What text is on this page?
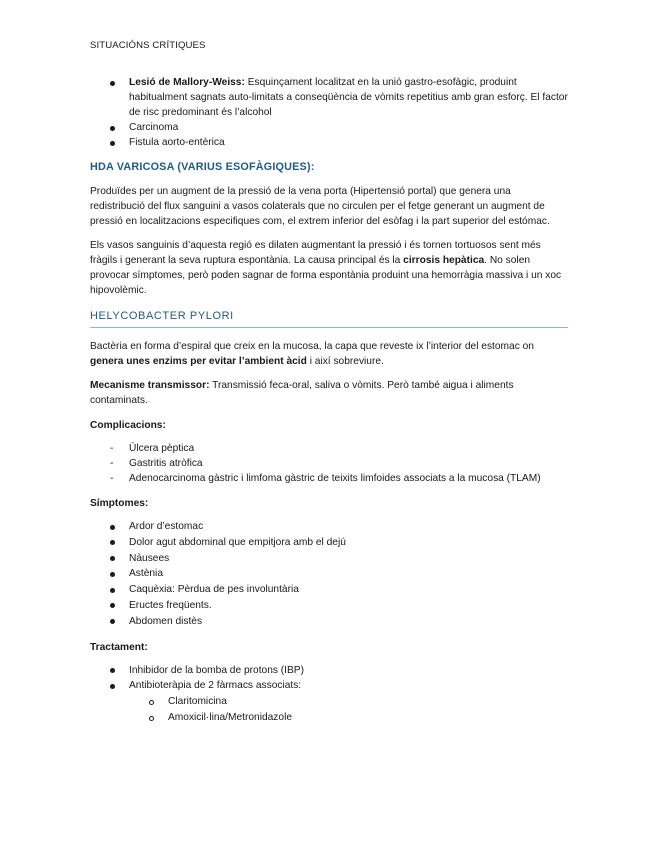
SITUACIÓNS CRÍTIQUES
Lesió de Mallory-Weiss: Esquinçament localitzat en la unió gastro-esofàgic, produint habitualment sagnats auto-limitats a conseqüència de vòmits repetitius amb gran esforç. El factor de risc predominant és l’alcohol
Carcinoma
Fistula aorto-entèrica
HDA VARICOSA (VARIUS ESOFÀGIQUES):

Produïdes per un augment de la pressió de la vena porta (Hipertensió portal) que genera una redistribució del flux sanguini a vasos colaterals que no circulen per el fetge generant un augment de pressió en localitzacions especifiques com, el extrem inferior del esòfag i la part superior del estómac.

Els vasos sanguinis d’aquesta regió es dilaten augmentant la pressió i és tornen tortuosos sent més fràgils i generant la seva ruptura espontània. La causa principal és la cirrosis hepàtica. No solen provocar símptomes, però poden sagnar de forma espontània produint una hemorràgia massiva i un xoc hipovolèmic.

HELYCOBACTER PYLORI

Bactèria en forma d’espiral que creix en la mucosa, la capa que reveste ix l’interior del estomac on genera unes enzims per evitar l’ambient àcid i així sobreviure.

Mecanisme transmissor: Transmissió feca-oral, saliva o vòmits. Però també aigua i aliments contaminats.

Complicacions:

- Úlcera pèptica
- Gastritis atròfica
- Adenocarcinoma gàstric i limfoma gàstric de teixits limfoides associats a la mucosa (TLAM)

Símptomes:

Ardor d’estomac
Dolor agut abdominal que empitjora amb el dejú
Nàusees
Astènia
Caquèxia: Pèrdua de pes involuntària
Eructes freqüents.
Abdomen distès

Tractament:

Inhibidor de la bomba de protons (IBP)
Antibioteràpia de 2 fàrmacs associats:
Claritomicina
Amoxicil·lina/Metronidazole
